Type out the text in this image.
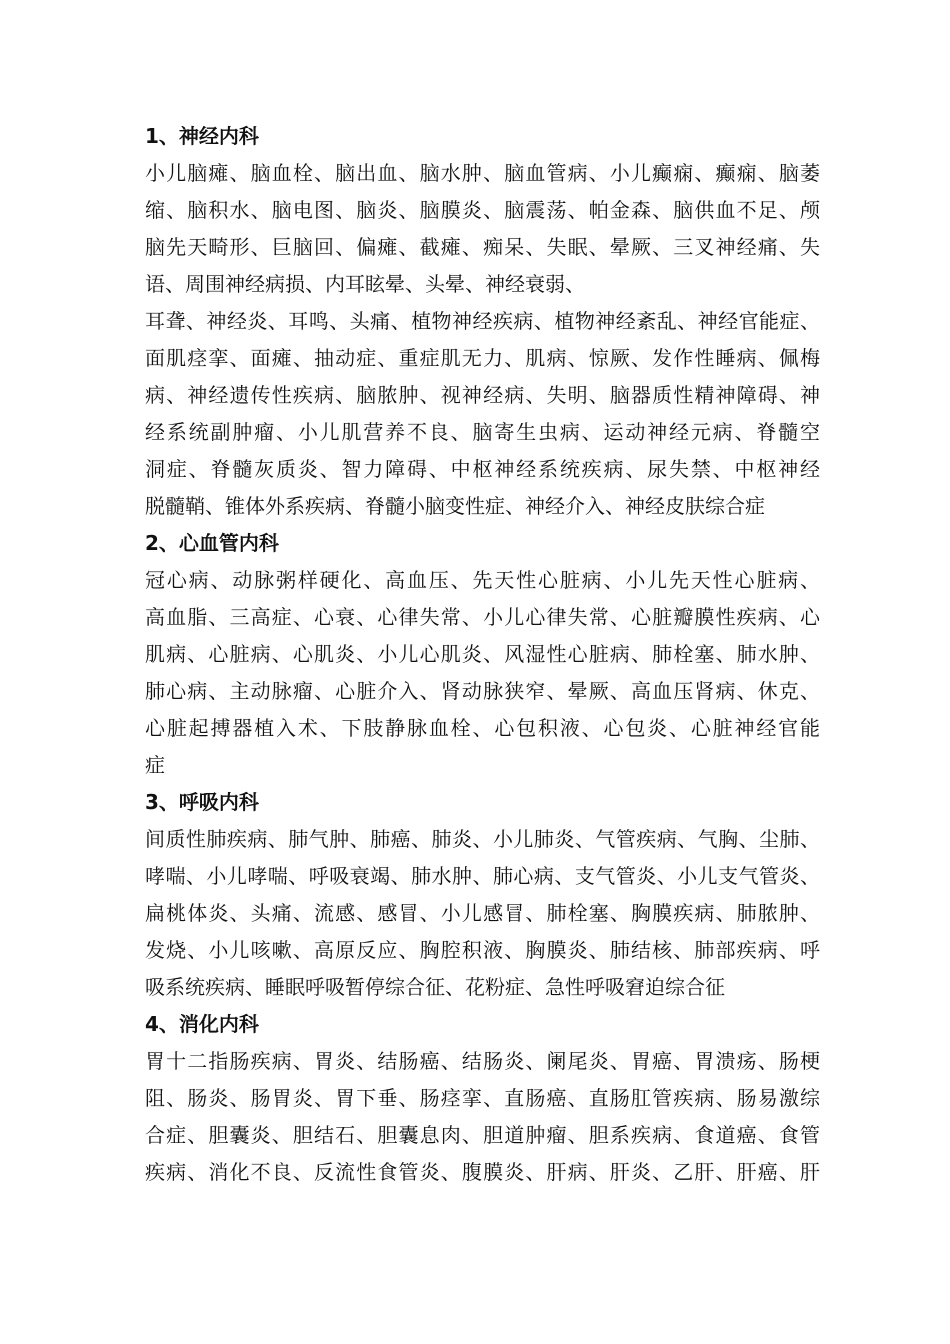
1、神经内科

小儿脑瘫、脑血栓、脑出血、脑水肿、脑血管病、小儿癫痫、癫痫、脑萎
缩、脑积水、脑电图、脑炎、脑膜炎、脑震荡、帕金森、脑供血不足、颅
脑先天畸形、巨脑回、偏瘫、截瘫、痴呆、失眠、晕厥、三叉神经痛、失
语、周围神经病损、内耳眩晕、头晕、神经衰弱、
耳聋、神经炎、耳鸣、头痛、植物神经疾病、植物神经紊乱、神经官能症、
面肌痉挛、面瘫、抽动症、重症肌无力、肌病、惊厥、发作性睡病、佩梅
病、神经遗传性疾病、脑脓肿、视神经病、失明、脑器质性精神障碍、神
经系统副肿瘤、小儿肌营养不良、脑寄生虫病、运动神经元病、脊髓空
洞症、脊髓灰质炎、智力障碍、中枢神经系统疾病、尿失禁、中枢神经
脱髓鞘、锥体外系疾病、脊髓小脑变性症、神经介入、神经皮肤综合症

2、心血管内科

冠心病、动脉粥样硬化、高血压、先天性心脏病、小儿先天性心脏病、
高血脂、三高症、心衰、心律失常、小儿心律失常、心脏瓣膜性疾病、心
肌病、心脏病、心肌炎、小儿心肌炎、风湿性心脏病、肺栓塞、肺水肿、
肺心病、主动脉瘤、心脏介入、肾动脉狭窄、晕厥、高血压肾病、休克、
心脏起搏器植入术、下肢静脉血栓、心包积液、心包炎、心脏神经官能
症

3、呼吸内科

间质性肺疾病、肺气肿、肺癌、肺炎、小儿肺炎、气管疾病、气胸、尘肺、
哮喘、小儿哮喘、呼吸衰竭、肺水肿、肺心病、支气管炎、小儿支气管炎、
扁桃体炎、头痛、流感、感冒、小儿感冒、肺栓塞、胸膜疾病、肺脓肿、
发烧、小儿咳嗽、高原反应、胸腔积液、胸膜炎、肺结核、肺部疾病、呼
吸系统疾病、睡眠呼吸暂停综合征、花粉症、急性呼吸窘迫综合征

4、消化内科

胃十二指肠疾病、胃炎、结肠癌、结肠炎、阑尾炎、胃癌、胃溃疡、肠梗
阻、肠炎、肠胃炎、胃下垂、肠痉挛、直肠癌、直肠肛管疾病、肠易激综
合症、胆囊炎、胆结石、胆囊息肉、胆道肿瘤、胆系疾病、食道癌、食管
疾病、消化不良、反流性食管炎、腹膜炎、肝病、肝炎、乙肝、肝癌、肝
